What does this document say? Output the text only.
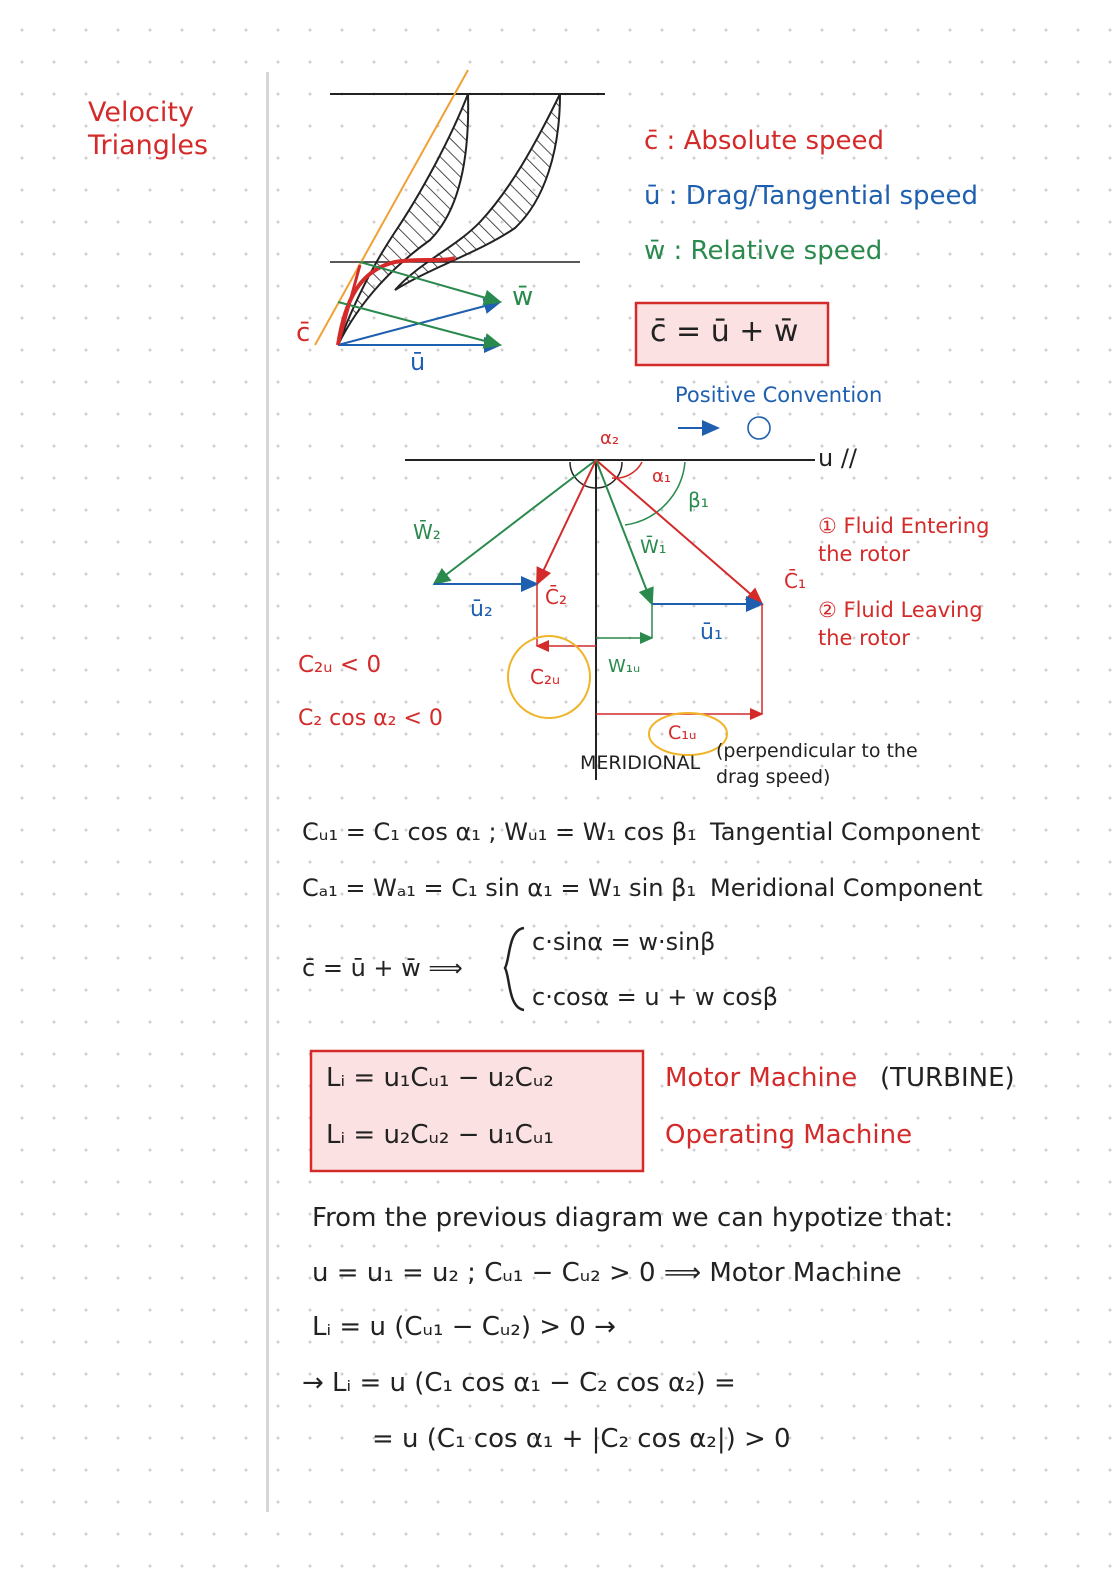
Velocity Triangles	c̄ : Absolute speed
ū : Drag/Tangential speed
w̄ : Relative speed
c̄ = ū + w̄
w̄
c̄
ū
Positive Convention
u //
α₂
α₁
β₁
W̄₂
W̄₁
C̄₂
C̄₁
ū₂
ū₁
C₂ᵤ	W₁ᵤ
C₁ᵤ
MERIDIONAL
(perpendicular to the drag speed)
① Fluid Entering the rotor
② Fluid Leaving the rotor
C₂ᵤ < 0
C₂ cos α₂ < 0
Cᵤ₁ = C₁ cos α₁ ; Wᵤ₁ = W₁ cos β₁ Tangential Component
Cₐ₁ = Wₐ₁ = C₁ sin α₁ = W₁ sin β₁ Meridional Component
c̄ = ū + w̄ ⟹
c·sinα = w·sinβ
c·cosα = u + w cosβ
Lᵢ = u₁Cᵤ₁ − u₂Cᵤ₂
Lᵢ = u₂Cᵤ₂ − u₁Cᵤ₁
Motor Machine (TURBINE)
Operating Machine
From the previous diagram we can hypotize that:
u = u₁ = u₂ ; Cᵤ₁ − Cᵤ₂ > 0 ⟹ Motor Machine
Lᵢ = u (Cᵤ₁ − Cᵤ₂) > 0 →
→ Lᵢ = u (C₁ cos α₁ − C₂ cos α₂) =
= u (C₁ cos α₁ + |C₂ cos α₂|) > 0
